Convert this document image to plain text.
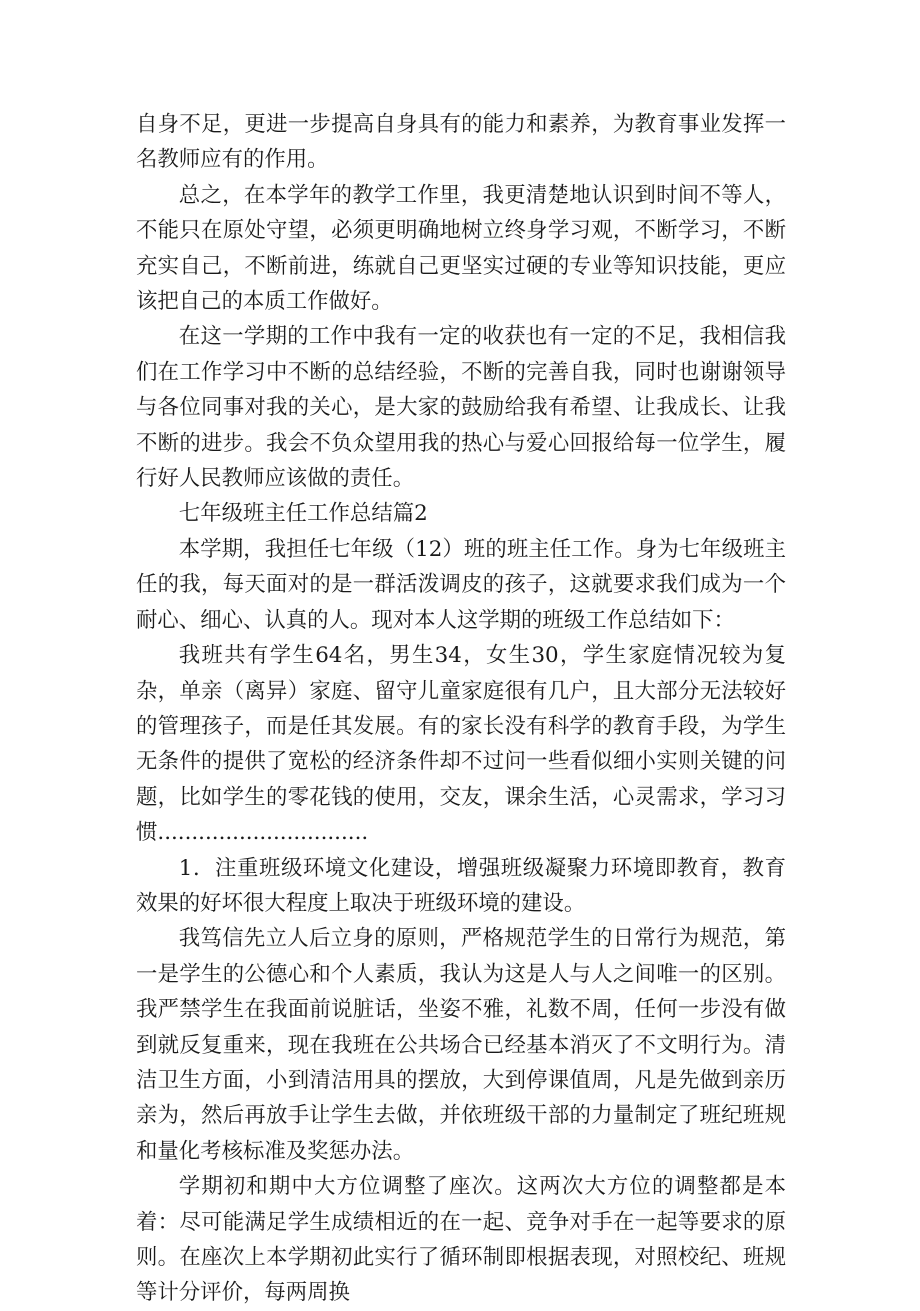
自身不足，更进一步提高自身具有的能力和素养，为教育事业发挥一名教师应有的作用。

总之，在本学年的教学工作里，我更清楚地认识到时间不等人，不能只在原处守望，必须更明确地树立终身学习观，不断学习，不断充实自己，不断前进，练就自己更坚实过硬的专业等知识技能，更应该把自己的本质工作做好。

在这一学期的工作中我有一定的收获也有一定的不足，我相信我们在工作学习中不断的总结经验，不断的完善自我，同时也谢谢领导与各位同事对我的关心，是大家的鼓励给我有希望、让我成长、让我不断的进步。我会不负众望用我的热心与爱心回报给每一位学生，履行好人民教师应该做的责任。

七年级班主任工作总结篇2

本学期，我担任七年级（12）班的班主任工作。身为七年级班主任的我，每天面对的是一群活泼调皮的孩子，这就要求我们成为一个耐心、细心、认真的人。现对本人这学期的班级工作总结如下：

我班共有学生64名，男生34，女生30，学生家庭情况较为复杂，单亲（离异）家庭、留守儿童家庭很有几户，且大部分无法较好的管理孩子，而是任其发展。有的家长没有科学的教育手段，为学生无条件的提供了宽松的经济条件却不过问一些看似细小实则关键的问题，比如学生的零花钱的使用，交友，课余生活，心灵需求，学习习惯...............................

1．注重班级环境文化建设，增强班级凝聚力环境即教育，教育效果的好坏很大程度上取决于班级环境的建设。

我笃信先立人后立身的原则，严格规范学生的日常行为规范，第一是学生的公德心和个人素质，我认为这是人与人之间唯一的区别。我严禁学生在我面前说脏话，坐姿不雅，礼数不周，任何一步没有做到就反复重来，现在我班在公共场合已经基本消灭了不文明行为。清洁卫生方面，小到清洁用具的摆放，大到停课值周，凡是先做到亲历亲为，然后再放手让学生去做，并依班级干部的力量制定了班纪班规和量化考核标准及奖惩办法。

学期初和期中大方位调整了座次。这两次大方位的调整都是本着：尽可能满足学生成绩相近的在一起、竞争对手在一起等要求的原则。在座次上本学期初此实行了循环制即根据表现，对照校纪、班规等计分评价，每两周换
